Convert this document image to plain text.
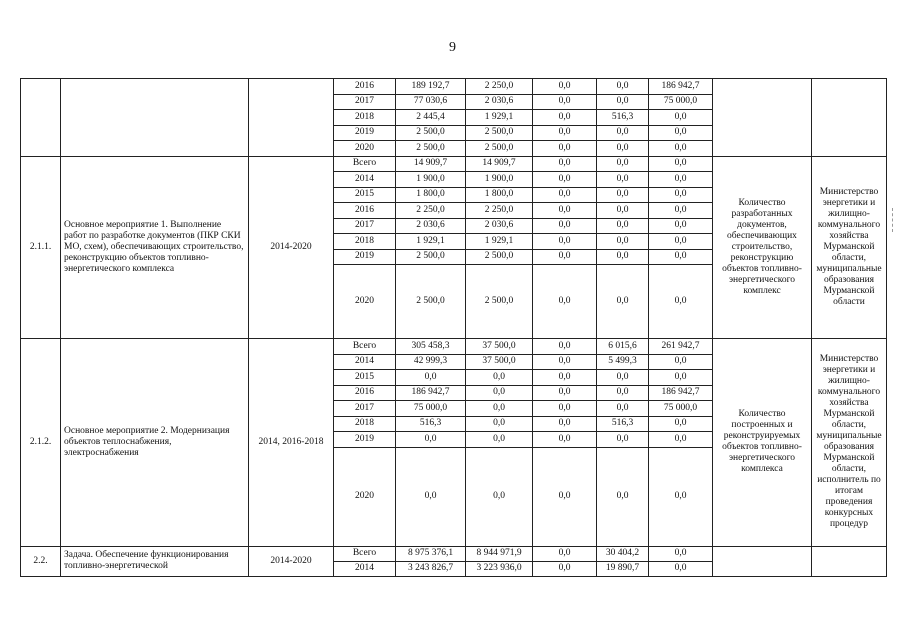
9
			2016	189 192,7	2 250,0	0,0	0,0	186 942,7		
			2017	77 030,6	2 030,6	0,0	0,0	75 000,0		
			2018	2 445,4	1 929,1	0,0	516,3	0,0		
			2019	2 500,0	2 500,0	0,0	0,0	0,0		
			2020	2 500,0	2 500,0	0,0	0,0	0,0		
2.1.1.	Основное мероприятие 1. Выполнение работ по разработке документов (ПКР СКИ МО, схем), обеспечивающих строительство, реконструкцию объектов топливно-энергетического комплекса	2014-2020	Всего	14 909,7	14 909,7	0,0	0,0	0,0	Количество разработанных документов, обеспечивающих строительство, реконструкцию объектов топливно-энергетического комплекс	Министерство энергетики и жилищно-коммунального хозяйства Мурманской области, муниципальные образования Мурманской области
			2014	1 900,0	1 900,0	0,0	0,0	0,0		
			2015	1 800,0	1 800,0	0,0	0,0	0,0		
			2016	2 250,0	2 250,0	0,0	0,0	0,0		
			2017	2 030,6	2 030,6	0,0	0,0	0,0		
			2018	1 929,1	1 929,1	0,0	0,0	0,0		
			2019	2 500,0	2 500,0	0,0	0,0	0,0		
			2020	2 500,0	2 500,0	0,0	0,0	0,0		
2.1.2.	Основное мероприятие 2. Модернизация объектов теплоснабжения, электроснабжения	2014, 2016-2018	Всего	305 458,3	37 500,0	0,0	6 015,6	261 942,7	Количество построенных и реконструируемых объектов топливно-энергетического комплекса	Министерство энергетики и жилищно-коммунального хозяйства Мурманской области, муниципальные образования Мурманской области, исполнитель по итогам проведения конкурсных процедур
			2014	42 999,3	37 500,0	0,0	5 499,3	0,0		
			2015	0,0	0,0	0,0	0,0	0,0		
			2016	186 942,7	0,0	0,0	0,0	186 942,7		
			2017	75 000,0	0,0	0,0	0,0	75 000,0		
			2018	516,3	0,0	0,0	516,3	0,0		
			2019	0,0	0,0	0,0	0,0	0,0		
			2020	0,0	0,0	0,0	0,0	0,0		
2.2.	Задача. Обеспечение функционирования топливно-энергетической	2014-2020	Всего	8 975 376,1	8 944 971,9	0,0	30 404,2	0,0		
			2014	3 243 826,7	3 223 936,0	0,0	19 890,7	0,0		
